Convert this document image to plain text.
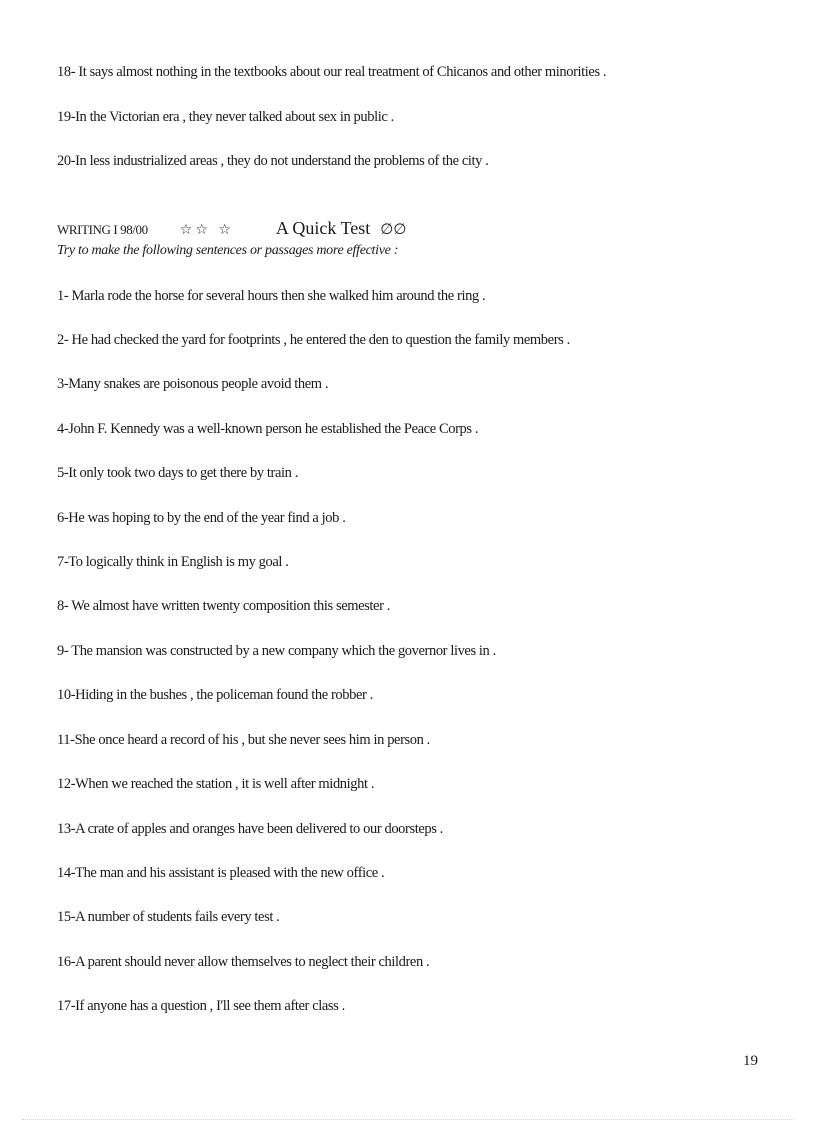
18- It says almost nothing in the textbooks about our real treatment of Chicanos and other minorities .
19-In the Victorian era , they never talked about sex in public .
20-In less industrialized areas , they do not understand the problems of the city .
WRITING I 98/00 ☆☆ ☆ A Quick Test ∅∅
Try to make the following sentences or passages more effective :
1- Marla rode the horse for several hours then she walked him around the ring .
2- He had checked the yard for footprints , he entered the den to question the family members .
3-Many snakes are poisonous people avoid them .
4-John F. Kennedy was a well-known person he established the Peace Corps .
5-It only took two days to get there by train .
6-He was hoping to by the end of the year find a job .
7-To logically think in English is my goal .
8- We almost have written twenty composition this semester .
9- The mansion was constructed by a new company which the governor lives in .
10-Hiding in the bushes , the policeman found the robber .
11-She once heard a record of his , but she never sees him in person .
12-When we reached the station , it is well after midnight .
13-A crate of apples and oranges have been delivered to our doorsteps .
14-The man and his assistant is pleased with the new office .
15-A number of students fails every test .
16-A parent should never allow themselves to neglect their children .
17-If anyone has a question , I'll see them after class .
19
